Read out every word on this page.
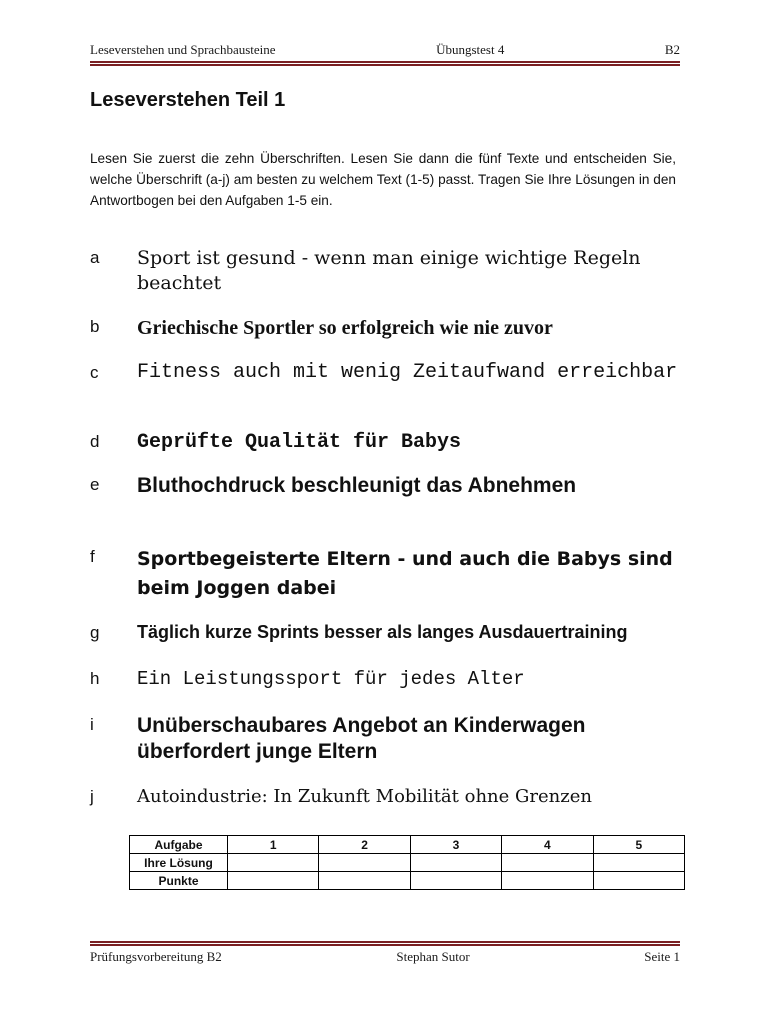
Leseverstehen und Sprachbausteine	Übungstest 4	B2
Leseverstehen Teil 1
Lesen Sie zuerst die zehn Überschriften. Lesen Sie dann die fünf Texte und entscheiden Sie, welche Überschrift (a-j) am besten zu welchem Text (1-5) passt. Tragen Sie Ihre Lösungen in den Antwortbogen bei den Aufgaben 1-5 ein.
a	Sport ist gesund - wenn man einige wichtige Regeln beachtet
b	Griechische Sportler so erfolgreich wie nie zuvor
c	Fitness auch mit wenig Zeitaufwand erreichbar
d	Geprüfte Qualität für Babys
e	Bluthochdruck beschleunigt das Abnehmen
f	Sportbegeisterte Eltern - und auch die Babys sind beim Joggen dabei
g	Täglich kurze Sprints besser als langes Ausdauertraining
h	Ein Leistungssport für jedes Alter
i	Unüberschaubares Angebot an Kinderwagen überfordert junge Eltern
j	Autoindustrie: In Zukunft Mobilität ohne Grenzen
Aufgabe	1	2	3	4	5
Ihre Lösung					
Punkte					
Prüfungsvorbereitung B2	Stephan Sutor	Seite 1
